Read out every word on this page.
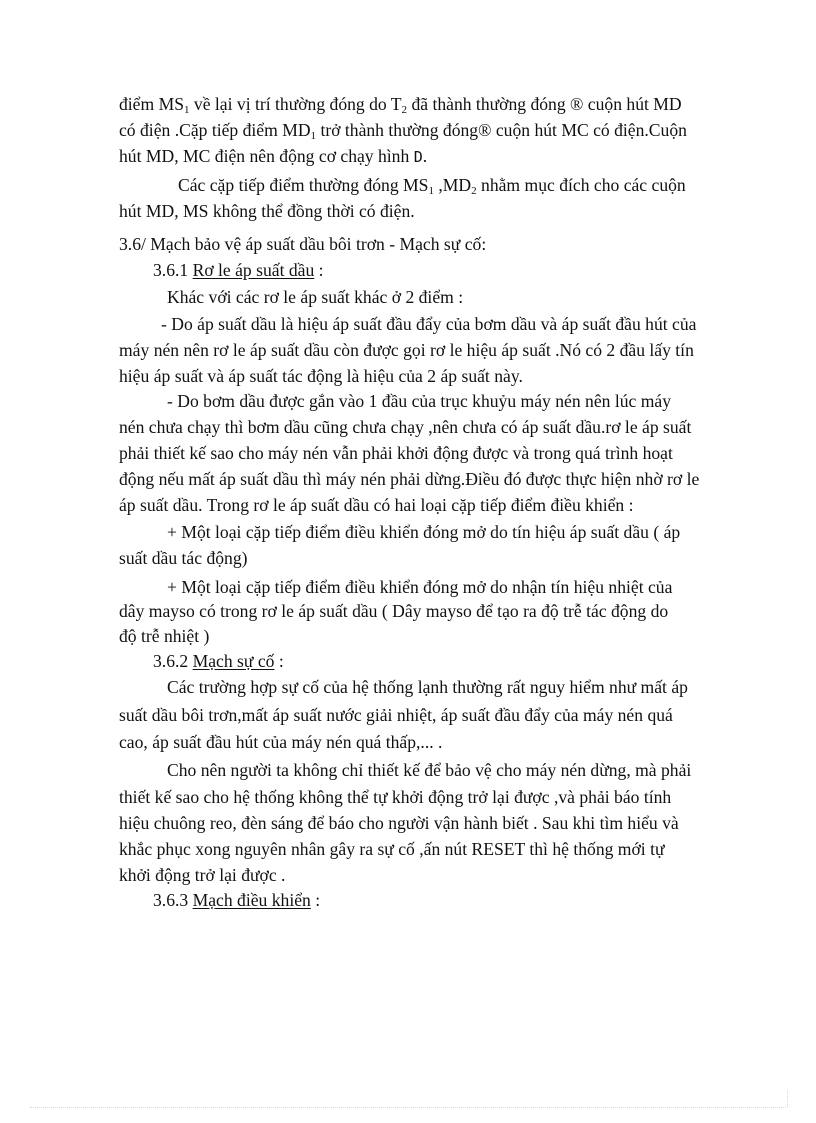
điểm $MS_1$ về lại vị trí thường đóng do $T_2$ đã thành thường đóng ® cuộn hút MD
có điện .Cặp tiếp điểm $MD_1$ trở thành thường đóng® cuộn hút MC có điện.Cuộn
hút MD, MC điện nên động cơ chạy hình D.
Các cặp tiếp điểm thường đóng $MS_1$ $,MD_2$ nhằm mục đích cho các cuộn
hút MD, MS không thể đồng thời có điện.
3.6/ Mạch bảo vệ áp suất dầu bôi trơn - Mạch sự cố:
3.6.1 Rơ le áp suất dầu :
Khác với các rơ le áp suất khác ở 2 điểm :
- Do áp suất dầu là hiệu áp suất đầu đẩy của bơm dầu và áp suất đầu hút của
máy nén nên rơ le áp suất dầu còn được gọi rơ le hiệu áp suất .Nó có 2 đầu lấy tín
hiệu áp suất và áp suất tác động là hiệu của 2 áp suất này.
- Do bơm dầu được gắn vào 1 đầu của trục khuỷu máy nén nên lúc máy
nén chưa chạy thì bơm dầu cũng chưa chạy ,nên chưa có áp suất dầu.rơ le áp suất
phải thiết kế sao cho máy nén vẫn phải khởi động được và trong quá trình hoạt
động nếu mất áp suất dầu thì máy nén phải dừng.Điều đó được thực hiện nhờ rơ le
áp suất dầu. Trong rơ le áp suất dầu có hai loại cặp tiếp điểm điều khiển :
+ Một loại cặp tiếp điểm điều khiển đóng mở do tín hiệu áp suất dầu ( áp
suất dầu tác động)
+ Một loại cặp tiếp điểm điều khiển đóng mở do nhận tín hiệu nhiệt của
dây mayso có trong rơ le áp suất dầu ( Dây mayso để tạo ra độ trễ tác động do
độ trễ nhiệt )
3.6.2 Mạch sự cố :
Các trường hợp sự cố của hệ thống lạnh thường rất nguy hiểm như mất áp
suất dầu bôi trơn,mất áp suất nước giải nhiệt, áp suất đầu đẩy của máy nén quá
cao, áp suất đầu hút của máy nén quá thấp,... .
Cho nên người ta không chỉ thiết kế để bảo vệ cho máy nén dừng, mà phải
thiết kế sao cho hệ thống không thể tự khởi động trở lại được ,và phải báo tính
hiệu chuông reo, đèn sáng để báo cho người vận hành biết . Sau khi tìm hiểu và
khắc phục xong nguyên nhân gây ra sự cố ,ấn nút RESET thì hệ thống mới tự
khởi động trở lại được .
3.6.3 Mạch điều khiển :
